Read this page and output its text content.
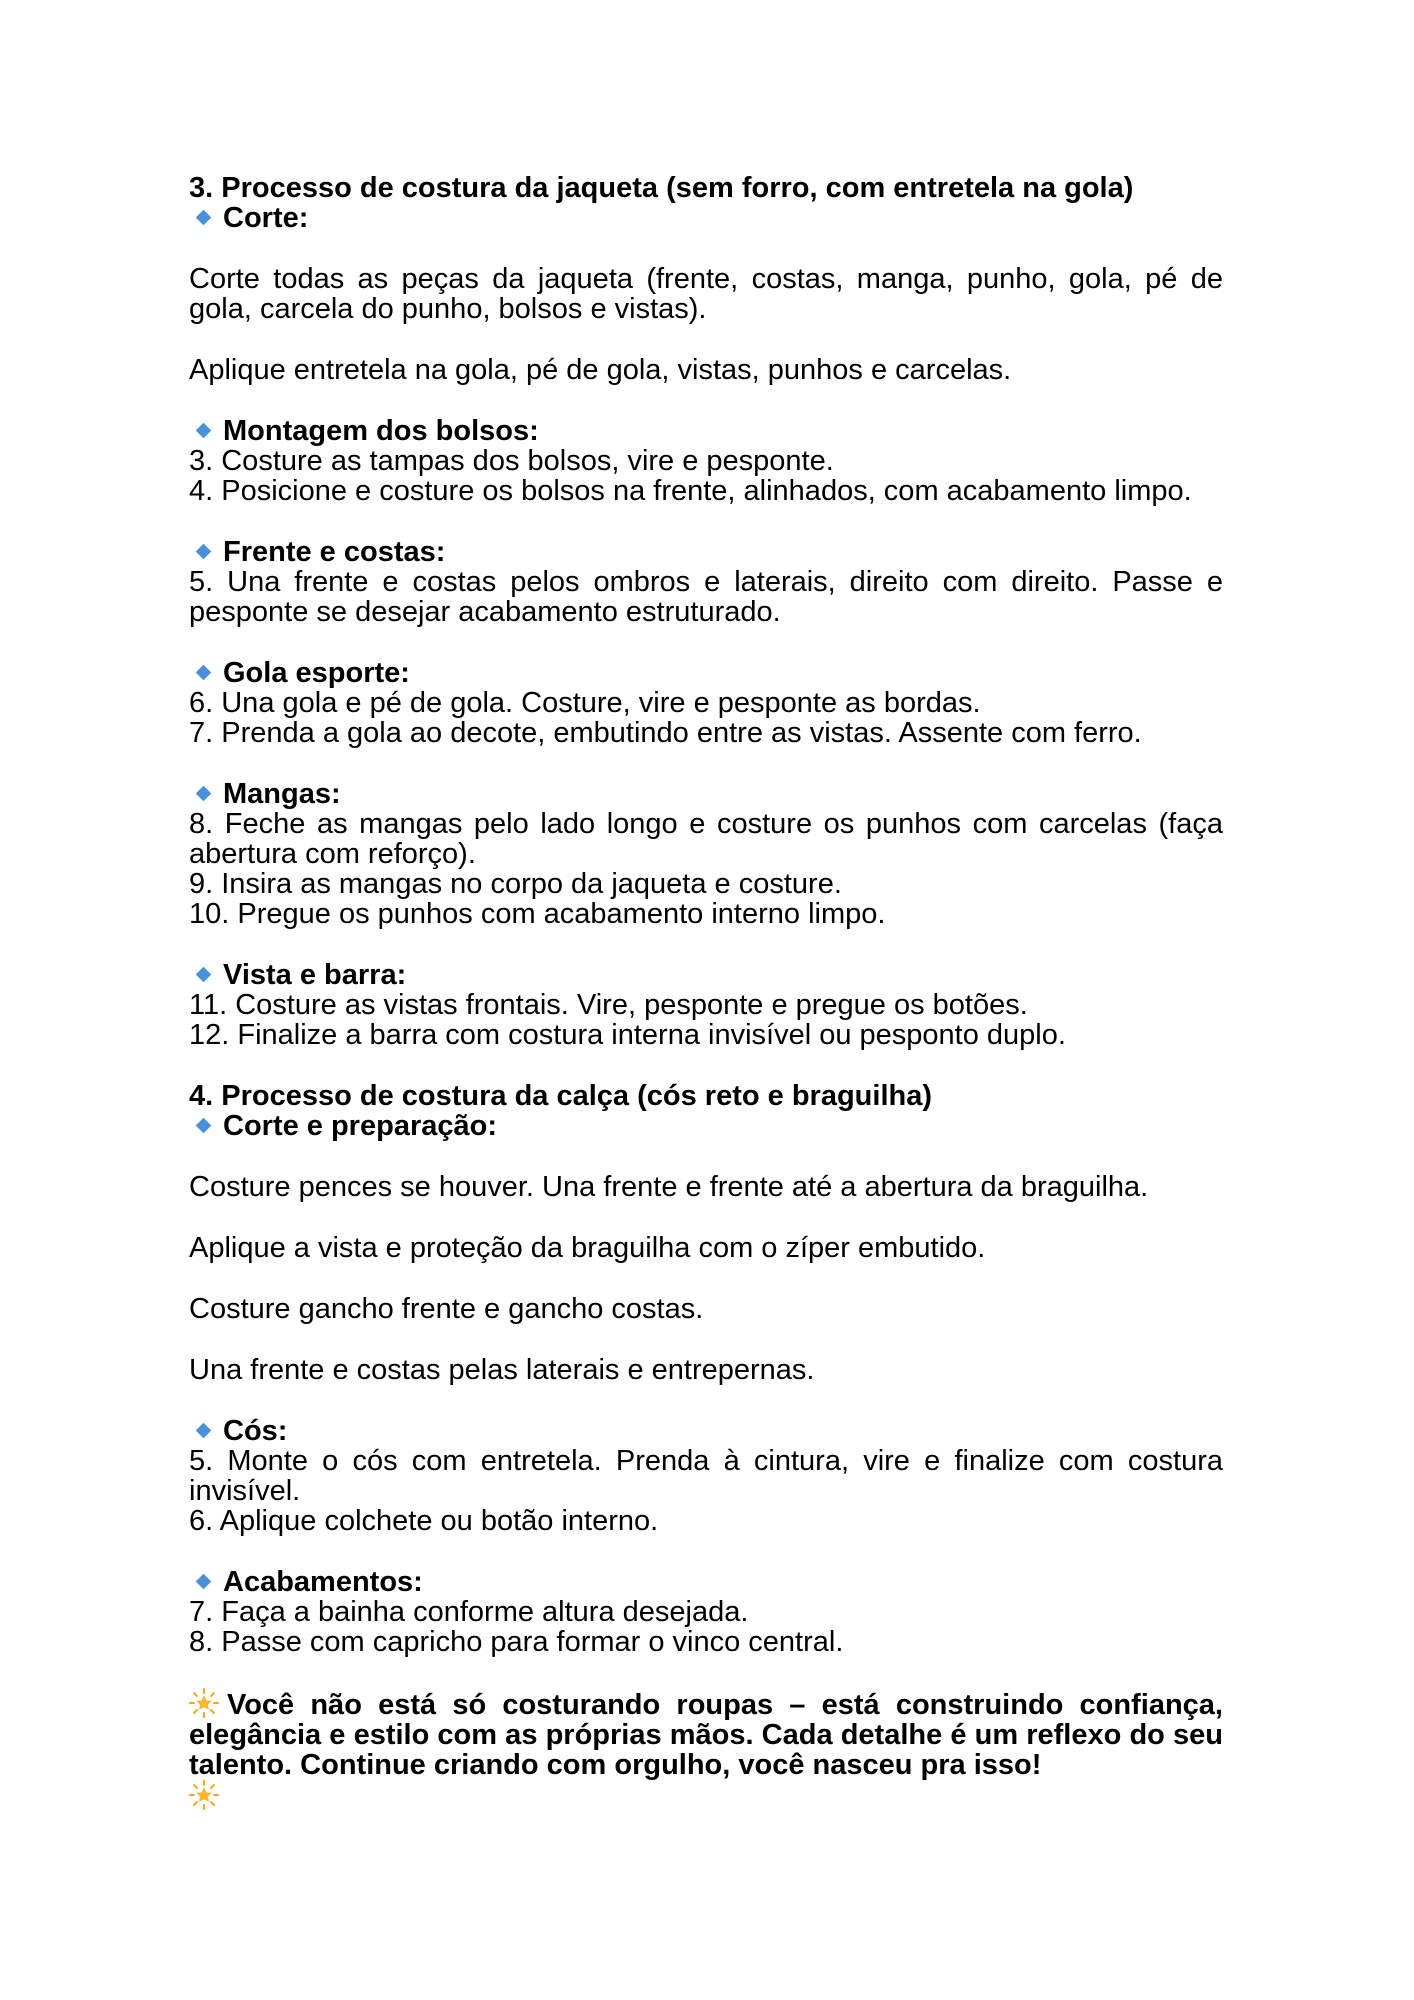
3. Processo de costura da jaqueta (sem forro, com entretela na gola)
Corte:
Corte todas as peças da jaqueta (frente, costas, manga, punho, gola, pé de gola, carcela do punho, bolsos e vistas).
Aplique entretela na gola, pé de gola, vistas, punhos e carcelas.
Montagem dos bolsos:
3. Costure as tampas dos bolsos, vire e pesponte.
4. Posicione e costure os bolsos na frente, alinhados, com acabamento limpo.
Frente e costas:
5. Una frente e costas pelos ombros e laterais, direito com direito. Passe e pesponte se desejar acabamento estruturado.
Gola esporte:
6. Una gola e pé de gola. Costure, vire e pesponte as bordas.
7. Prenda a gola ao decote, embutindo entre as vistas. Assente com ferro.
Mangas:
8. Feche as mangas pelo lado longo e costure os punhos com carcelas (faça abertura com reforço).
9. Insira as mangas no corpo da jaqueta e costure.
10. Pregue os punhos com acabamento interno limpo.
Vista e barra:
11. Costure as vistas frontais. Vire, pesponte e pregue os botões.
12. Finalize a barra com costura interna invisível ou pesponto duplo.
4. Processo de costura da calça (cós reto e braguilha)
Corte e preparação:
Costure pences se houver. Una frente e frente até a abertura da braguilha.
Aplique a vista e proteção da braguilha com o zíper embutido.
Costure gancho frente e gancho costas.
Una frente e costas pelas laterais e entrepernas.
Cós:
5. Monte o cós com entretela. Prenda à cintura, vire e finalize com costura invisível.
6. Aplique colchete ou botão interno.
Acabamentos:
7. Faça a bainha conforme altura desejada.
8. Passe com capricho para formar o vinco central.
Você não está só costurando roupas – está construindo confiança, elegância e estilo com as próprias mãos. Cada detalhe é um reflexo do seu talento. Continue criando com orgulho, você nasceu pra isso!
